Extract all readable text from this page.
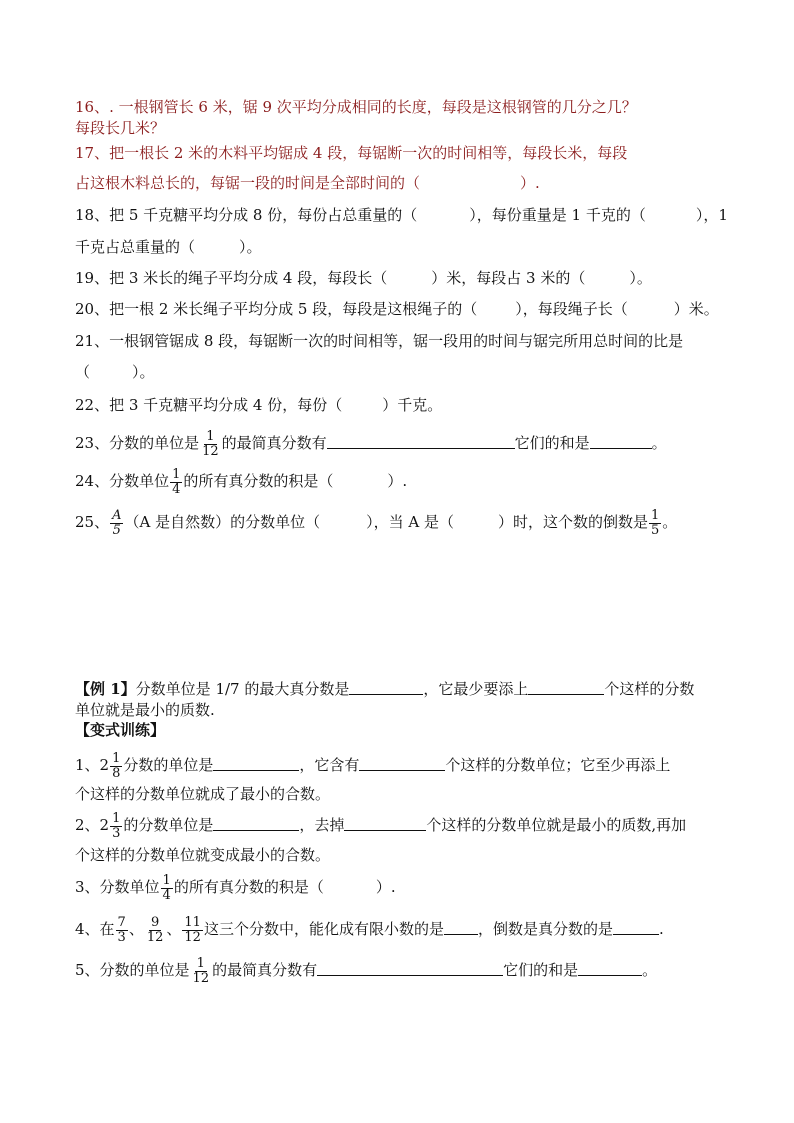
16、. 一根钢管长 6 米，锯 9 次平均分成相同的长度，每段是这根钢管的几分之几？
每段长几米？
17、把一根长 2 米的木料平均锯成 4 段，每锯断一次的时间相等，每段长米，每段
占这根木料总长的，每锯一段的时间是全部时间的（	）.
18、把 5 千克糖平均分成 8 份，每份占总重量的（	），每份重量是 1 千克的（	），1
千克占总重量的（	）。
19、把 3 米长的绳子平均分成 4 段，每段长（	）米，每段占 3 米的（	）。
20、把一根 2 米长绳子平均分成 5 段，每段是这根绳子的（	），每段绳子长（	）米。
21、一根钢管锯成 8 段，每锯断一次的时间相等，锯一段用的时间与锯完所用总时间的比是
（	）。
22、把 3 千克糖平均分成 4 份，每份（	）千克。
23、分数的单位是 $\frac{1}{12}$ 的最简真分数有	它们的和是	。
24、分数单位 $\frac{1}{4}$ 的所有真分数的积是（	）.
25、 $\frac{A}{5} (A$ 是自然数）的分数单位（	），当 A 是（	）时，这个数的倒数是 $\frac{1}{5}$ 。
【例 1】分数单位是 1/7 的最大真分数是	，它最少要添上	个这样的分数
单位就是最小的质数.
【变式训练】
1、$2 \frac{1}{8}$ 分数的单位是	，它含有	个这样的分数单位；它至少再添上
个这样的分数单位就成了最小的合数。
2、$2 \frac{1}{3}$ 的分数单位是	，去掉	个这样的分数单位就是最小的质数,再加
个这样的分数单位就变成最小的合数。
3、分数单位 $\frac{1}{4}$ 的所有真分数的积是（	）.
4、在 $\frac{7}{3}$ 、 $\frac{9}{12}$ 、 $\frac{11}{12}$ 这三个分数中，能化成有限小数的是 ，倒数是真分数的是	.
5、分数的单位是 $\frac{1}{12}$ 的最简真分数有	它们的和是	。
